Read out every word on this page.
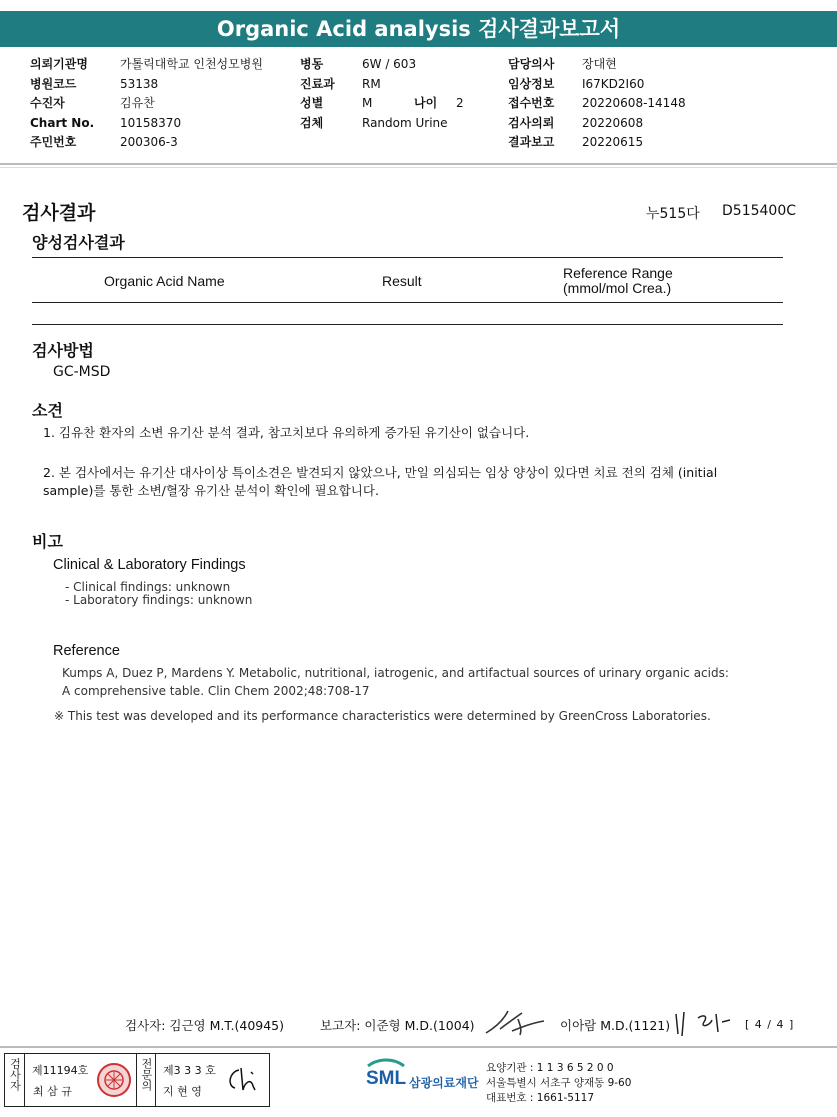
Organic Acid analysis 검사결과보고서
의뢰기관명	가톨릭대학교 인천성모병원
병원코드	53138
수진자	김유찬
Chart No. 10158370
주민번호	200306-3
병동	6W / 603
진료과 RM
성별	M	나이 2
검체	Random Urine
담당의사 장대현
임상정보 I67KD2I60
접수번호 20220608-14148
검사의뢰 20220608
결과보고 20220615
검사결과	누515다 D515400C
양성검사결과
Organic Acid Name	Result	Reference Range
(mmol/mol Crea.)
검사방법
GC-MSD
소견
1. 김유찬 환자의 소변 유기산 분석 결과, 참고치보다 유의하게 증가된 유기산이 없습니다.
2. 본 검사에서는 유기산 대사이상 특이소견은 발견되지 않았으나, 만일 의심되는 임상 양상이 있다면 치료 전의 검체 (initial
sample)를 통한 소변/혈장 유기산 분석이 확인에 필요합니다.
비고
Clinical & Laboratory Findings
- Clinical findings: unknown
- Laboratory findings: unknown
Reference
Kumps A, Duez P, Mardens Y. Metabolic, nutritional, iatrogenic, and artifactual sources of urinary organic acids:
A comprehensive table. Clin Chem 2002;48:708-17
※ This test was developed and its performance characteristics were determined by GreenCross Laboratories.
검사자: 김근영 M.T.(40945)	보고자: 이준형 M.D.(1004)	이아람 M.D.(1121)	[ 4 / 4 ]
검사자 제11194호
최 삼 규
전문의 제3 3 3 호
지 현 영
SML 삼광의료재단
요양기관 : 1 1 3 6 5 2 0 0
서울특별시 서초구 양재동 9-60
대표번호 : 1661-5117
